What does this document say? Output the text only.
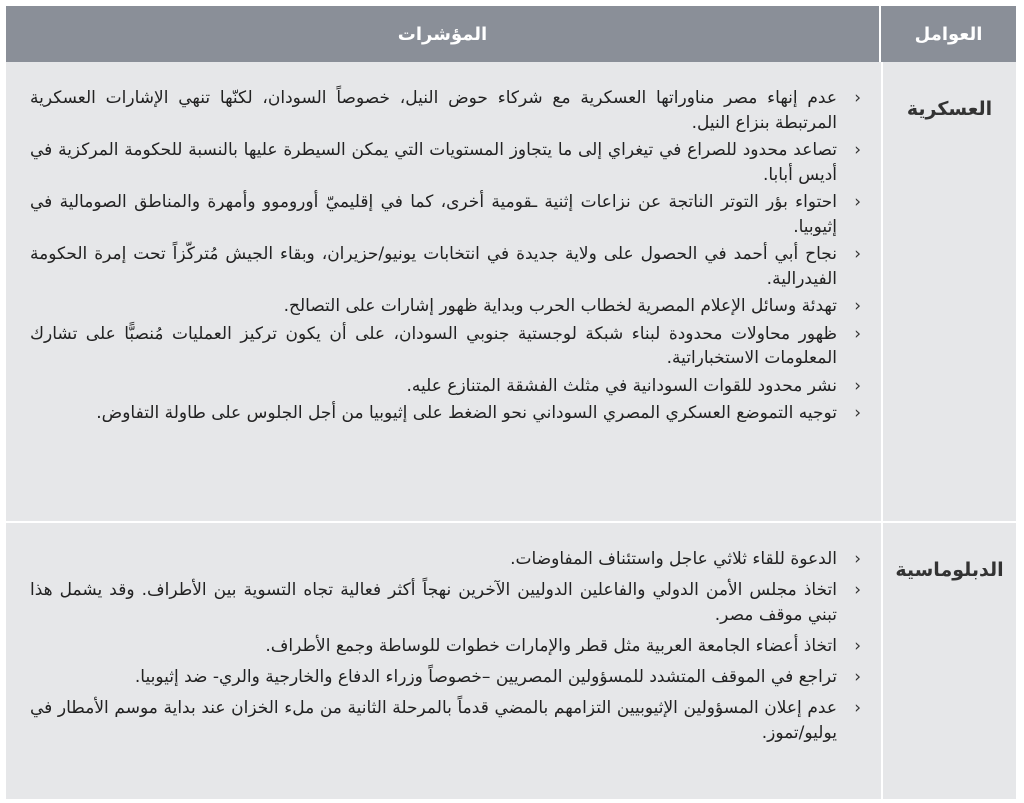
العوامل
المؤشرات
العسكرية
‹
عدم إنهاء مصر مناوراتها العسكرية مع شركاء حوض النيل، خصوصاً السودان، لكنّها تنهي الإشارات العسكرية المرتبطة بنزاع النيل.
‹
تصاعد محدود للصراع في تيغراي إلى ما يتجاوز المستويات التي يمكن السيطرة عليها بالنسبة للحكومة المركزية في أديس أبابا.
‹
احتواء بؤر التوتر الناتجة عن نزاعات إثنية ـقومية أخرى، كما في إقليميّ أوروموو وأمهرة والمناطق الصومالية في إثيوبيا.
‹
نجاح أبي أحمد في الحصول على ولاية جديدة في انتخابات يونيو/حزيران، وبقاء الجيش مُتركّزاً تحت إمرة الحكومة الفيدرالية.
‹
تهدئة وسائل الإعلام المصرية لخطاب الحرب وبداية ظهور إشارات على التصالح.
‹
ظهور محاولات محدودة لبناء شبكة لوجستية جنوبي السودان، على أن يكون تركيز العمليات مُنصبًّا على تشارك المعلومات الاستخباراتية.
‹
نشر محدود للقوات السودانية في مثلث الفشقة المتنازع عليه.
‹
توجيه التموضع العسكري المصري السوداني نحو الضغط على إثيوبيا من أجل الجلوس على طاولة التفاوض.
الدبلوماسية
‹
الدعوة للقاء ثلاثي عاجل واستئناف المفاوضات.
‹
اتخاذ مجلس الأمن الدولي والفاعلين الدوليين الآخرين نهجاً أكثر فعالية تجاه التسوية بين الأطراف. وقد يشمل هذا تبني موقف مصر.
‹
اتخاذ أعضاء الجامعة العربية مثل قطر والإمارات خطوات للوساطة وجمع الأطراف.
‹
تراجع في الموقف المتشدد للمسؤولين المصريين –خصوصاً وزراء الدفاع والخارجية والري- ضد إثيوبيا.
‹
عدم إعلان المسؤولين الإثيوبيين التزامهم بالمضي قدماً بالمرحلة الثانية من ملء الخزان عند بداية موسم الأمطار في يوليو/تموز.
